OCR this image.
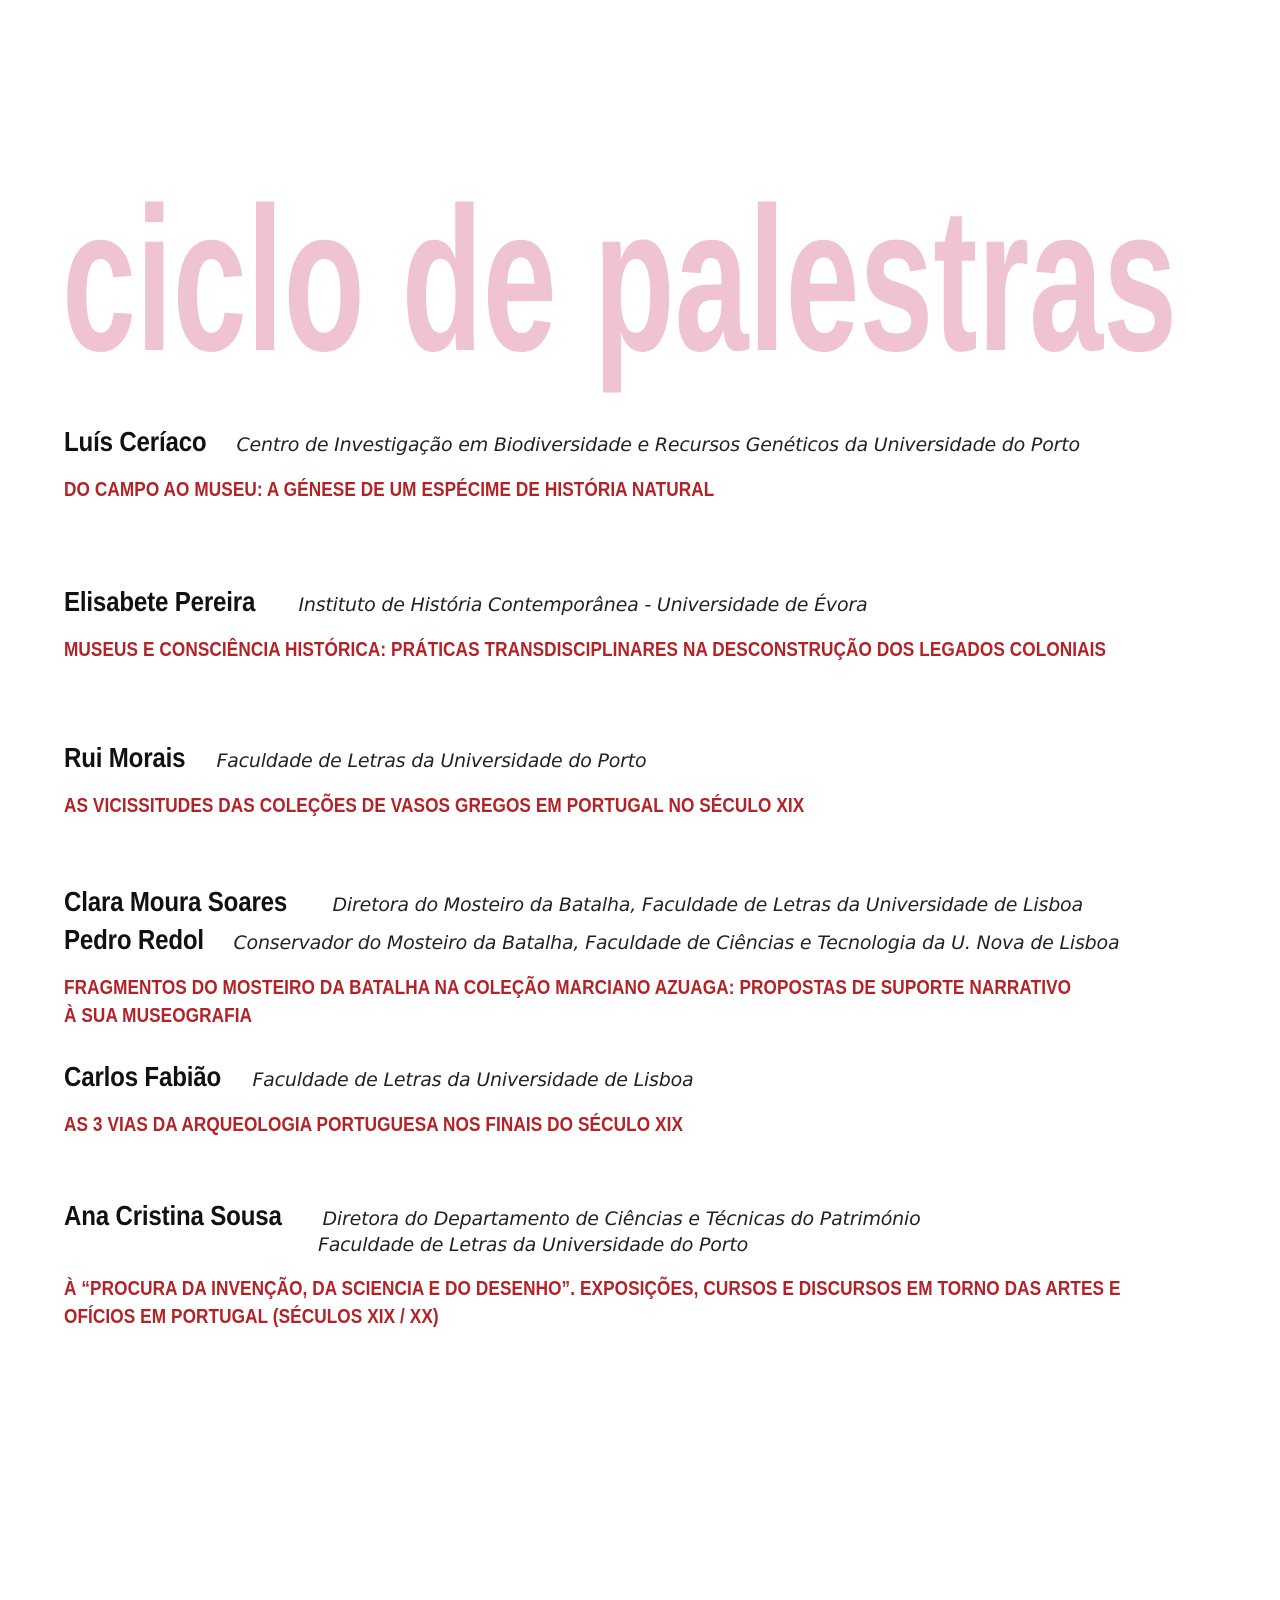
ciclo de palestras
Luís Ceríaco Centro de Investigação em Biodiversidade e Recursos Genéticos da Universidade do Porto
DO CAMPO AO MUSEU: A GÉNESE DE UM ESPÉCIME DE HISTÓRIA NATURAL
Elisabete Pereira Instituto de História Contemporânea - Universidade de Évora
MUSEUS E CONSCIÊNCIA HISTÓRICA: PRÁTICAS TRANSDISCIPLINARES NA DESCONSTRUÇÃO DOS LEGADOS COLONIAIS
Rui Morais Faculdade de Letras da Universidade do Porto
AS VICISSITUDES DAS COLEÇÕES DE VASOS GREGOS EM PORTUGAL NO SÉCULO XIX
Clara Moura Soares Diretora do Mosteiro da Batalha, Faculdade de Letras da Universidade de Lisboa
Pedro Redol Conservador do Mosteiro da Batalha, Faculdade de Ciências e Tecnologia da U. Nova de Lisboa
FRAGMENTOS DO MOSTEIRO DA BATALHA NA COLEÇÃO MARCIANO AZUAGA: PROPOSTAS DE SUPORTE NARRATIVO
À SUA MUSEOGRAFIA
Carlos Fabião Faculdade de Letras da Universidade de Lisboa
AS 3 VIAS DA ARQUEOLOGIA PORTUGUESA NOS FINAIS DO SÉCULO XIX
Ana Cristina Sousa Diretora do Departamento de Ciências e Técnicas do Património
Faculdade de Letras da Universidade do Porto
À “PROCURA DA INVENÇÃO, DA SCIENCIA E DO DESENHO”. EXPOSIÇÕES, CURSOS E DISCURSOS EM TORNO DAS ARTES E
OFÍCIOS EM PORTUGAL (SÉCULOS XIX / XX)
